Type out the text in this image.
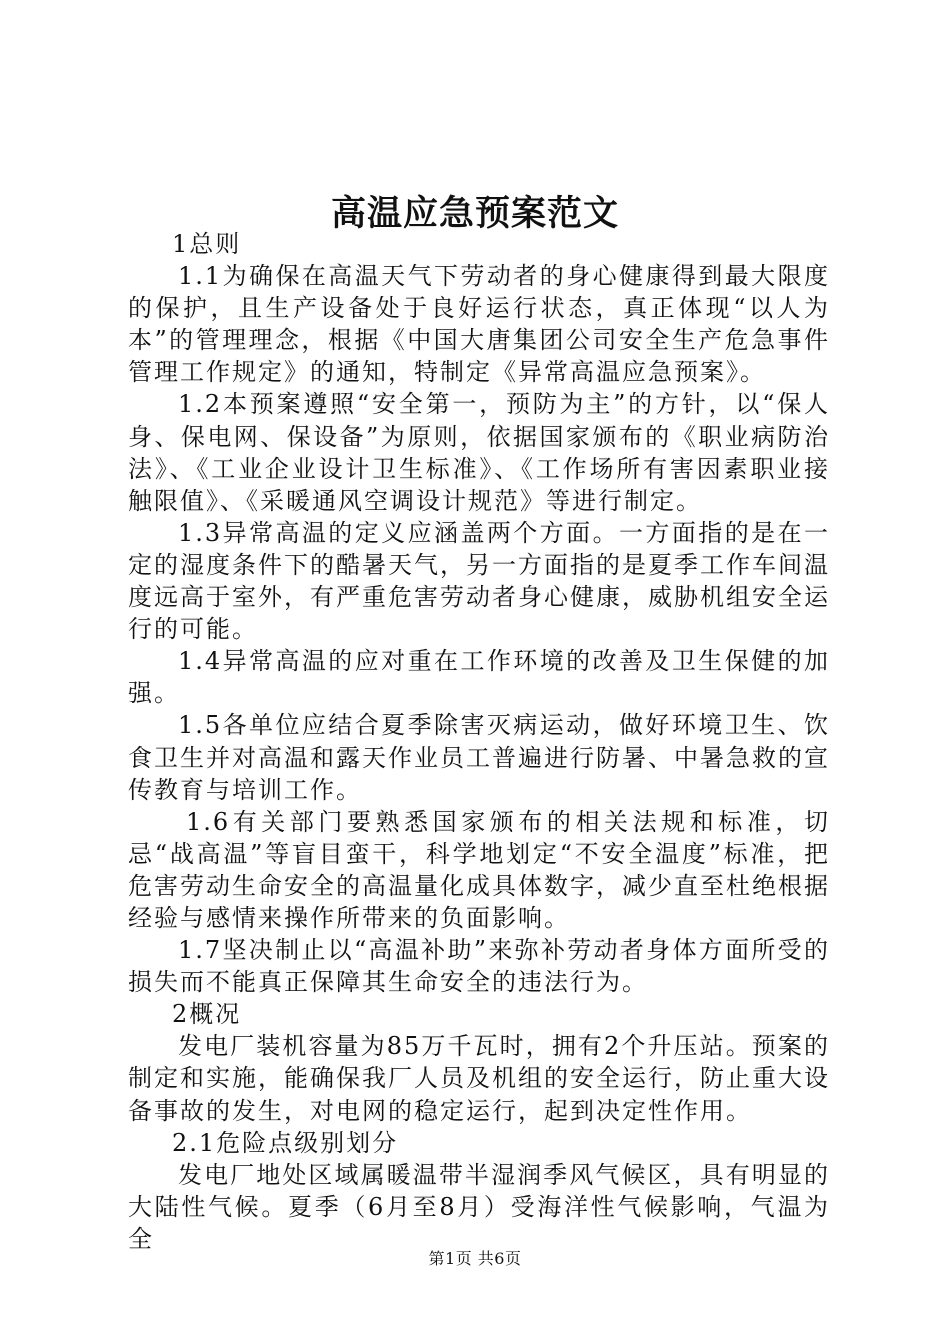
高温应急预案范文

1总则

1.1为确保在高温天气下劳动者的身心健康得到最大限度的保护，且生产设备处于良好运行状态，真正体现“以人为本”的管理理念，根据《中国大唐集团公司安全生产危急事件管理工作规定》的通知，特制定《异常高温应急预案》。

1.2本预案遵照“安全第一，预防为主”的方针，以“保人身、保电网、保设备”为原则，依据国家颁布的《职业病防治法》、《工业企业设计卫生标准》、《工作场所有害因素职业接触限值》、《采暖通风空调设计规范》等进行制定。

1.3异常高温的定义应涵盖两个方面。一方面指的是在一定的湿度条件下的酷暑天气，另一方面指的是夏季工作车间温度远高于室外，有严重危害劳动者身心健康，威胁机组安全运行的可能。

1.4异常高温的应对重在工作环境的改善及卫生保健的加强。

1.5各单位应结合夏季除害灭病运动，做好环境卫生、饮食卫生并对高温和露天作业员工普遍进行防暑、中暑急救的宣传教育与培训工作。

1.6有关部门要熟悉国家颁布的相关法规和标准，切忌“战高温”等盲目蛮干，科学地划定“不安全温度”标准，把危害劳动生命安全的高温量化成具体数字，减少直至杜绝根据经验与感情来操作所带来的负面影响。

1.7坚决制止以“高温补助”来弥补劳动者身体方面所受的损失而不能真正保障其生命安全的违法行为。

2概况

发电厂装机容量为85万千瓦时，拥有2个升压站。预案的制定和实施，能确保我厂人员及机组的安全运行，防止重大设备事故的发生，对电网的稳定运行，起到决定性作用。

2.1危险点级别划分

发电厂地处区域属暖温带半湿润季风气候区，具有明显的大陆性气候。夏季（6月至8月）受海洋性气候影响，气温为全

第1页 共6页
